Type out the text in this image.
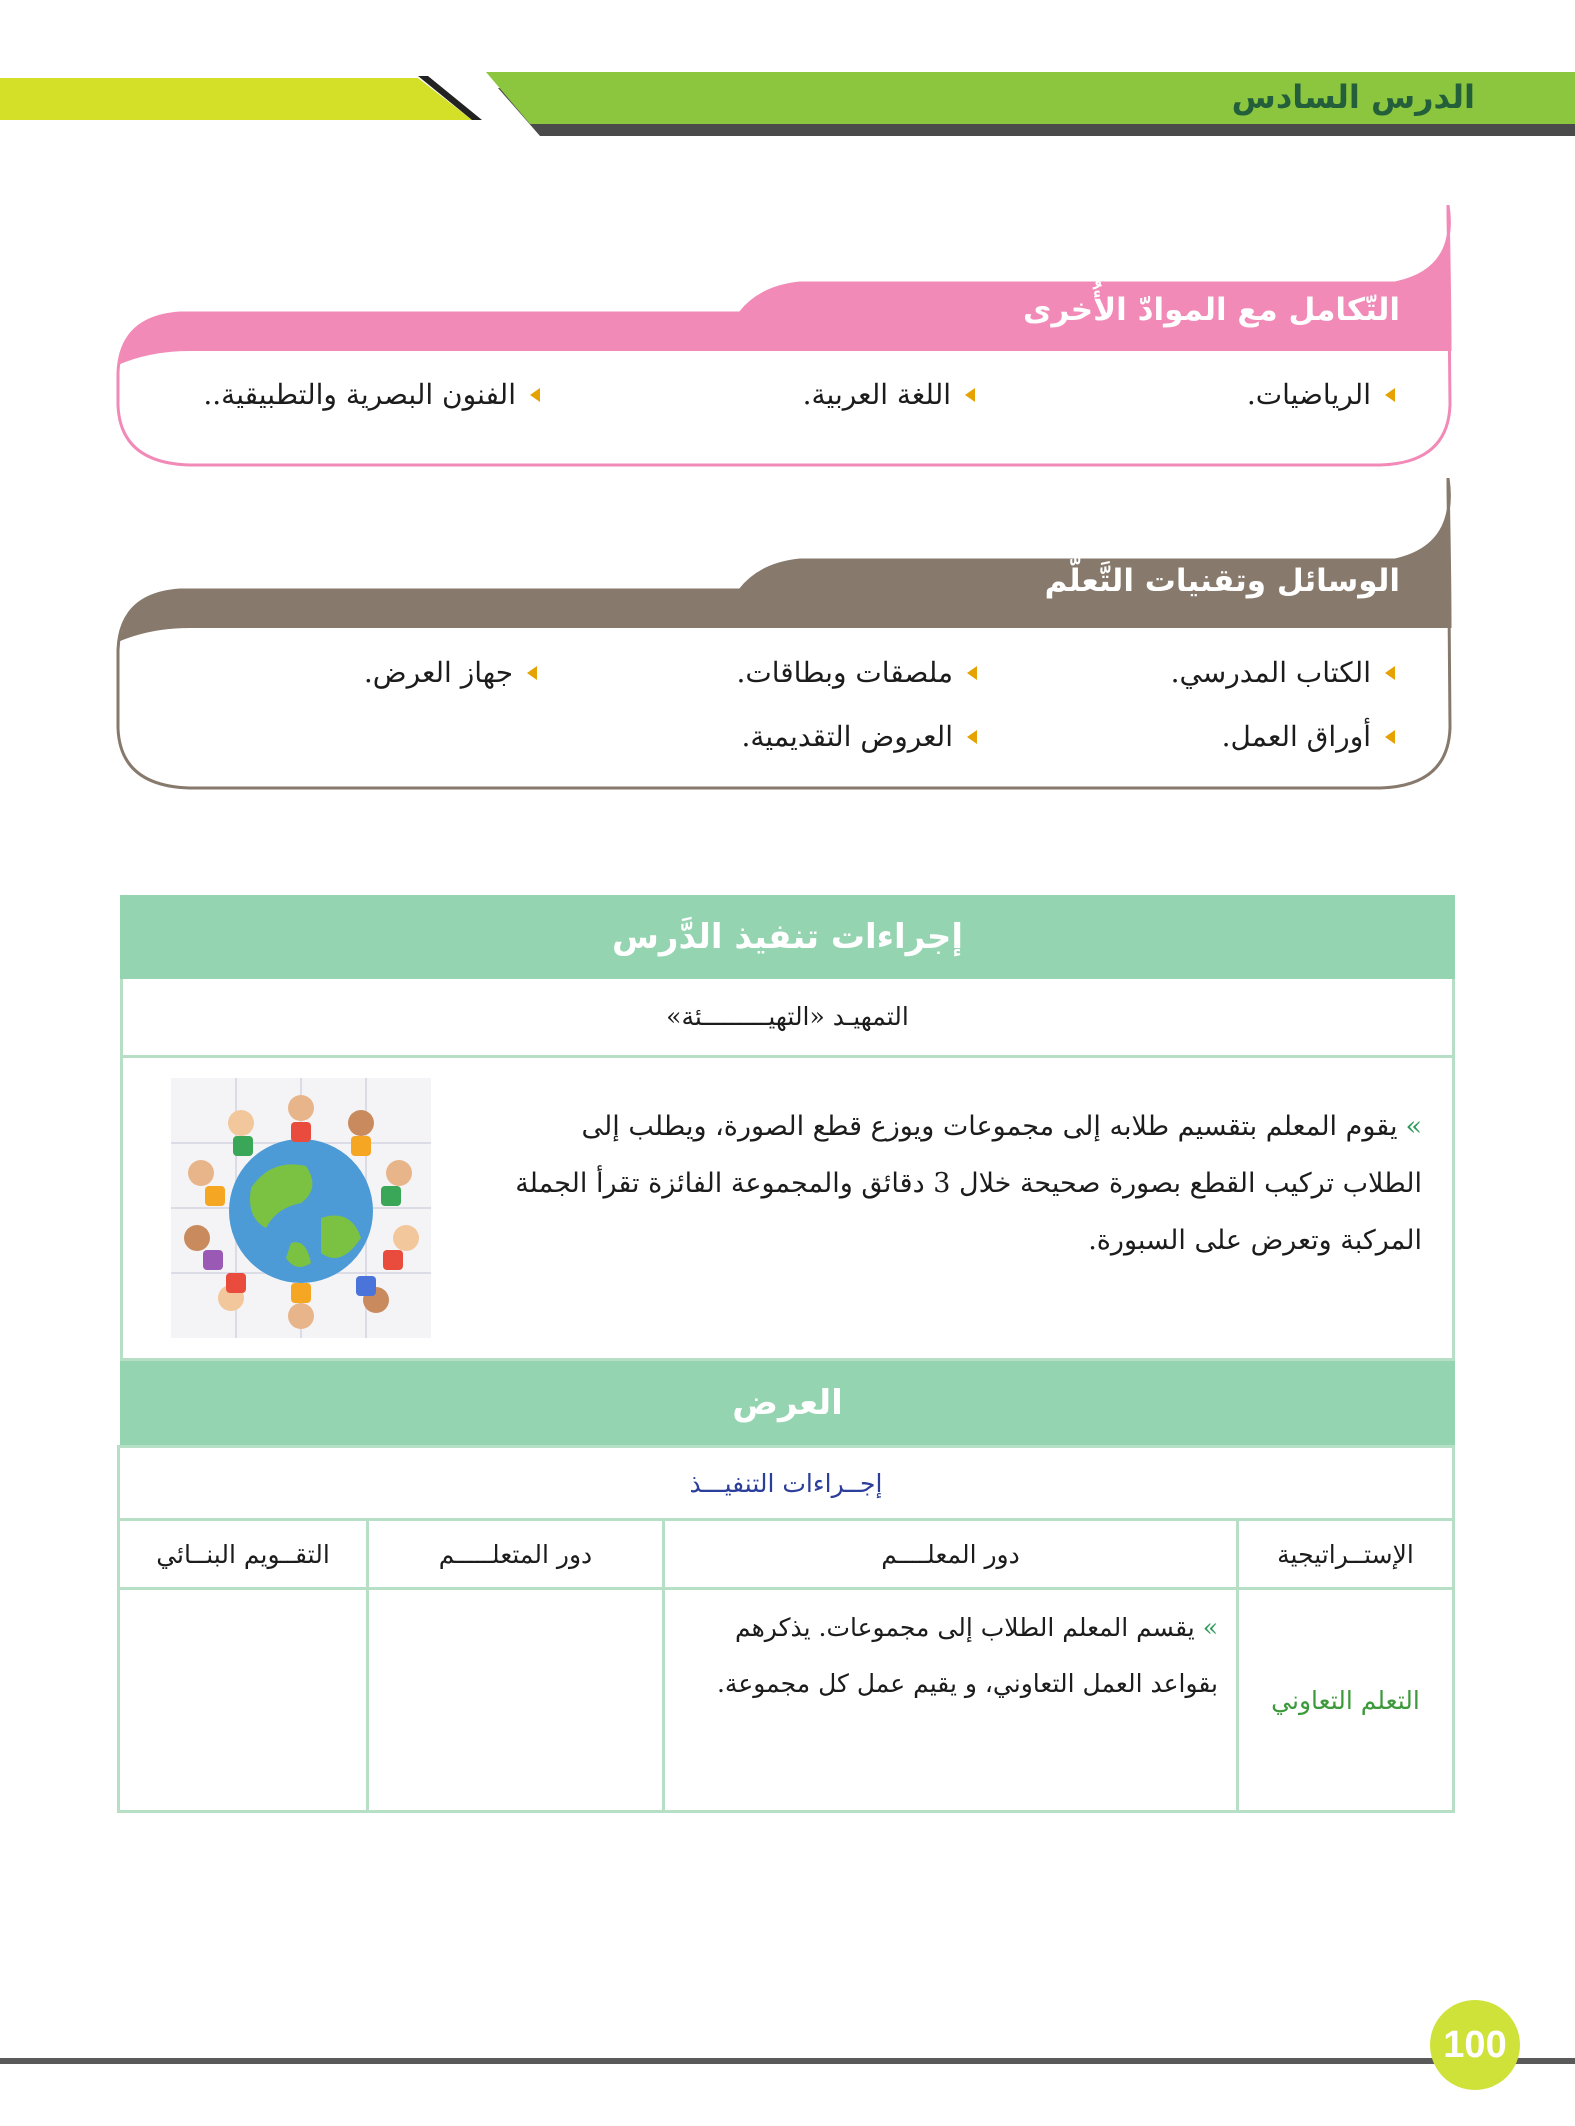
الدرس السادس
التّكامل مع الموادّ الأُخرى
الرياضيات.
اللغة العربية.
الفنون البصرية والتطبيقية..
الوسائل وتقنيات التَّعلُّم
الكتاب المدرسي.
ملصقات وبطاقات.
جهاز العرض.
أوراق العمل.
العروض التقديمية.
إجراءات تنفيذ الدَّرس
التمهيـد «التهيـــــــــئة»
»يقوم المعلم بتقسيم طلابه إلى مجموعات ويوزع قطع الصورة، ويطلب إلى الطلاب تركيب القطع بصورة صحيحة خلال 3 دقائق والمجموعة الفائزة تقرأ الجملة المركبة وتعرض على السبورة.
العرض
إجــراءات التنفيـــذ			
الإستــراتيجية	دور المعلــــم	دور المتعلـــــم	التقــويم البنــائي
التعلم التعاوني	»يقسم المعلم الطلاب إلى مجموعات. يذكرهم بقواعد العمل التعاوني، و يقيم عمل كل مجموعة.		
100
